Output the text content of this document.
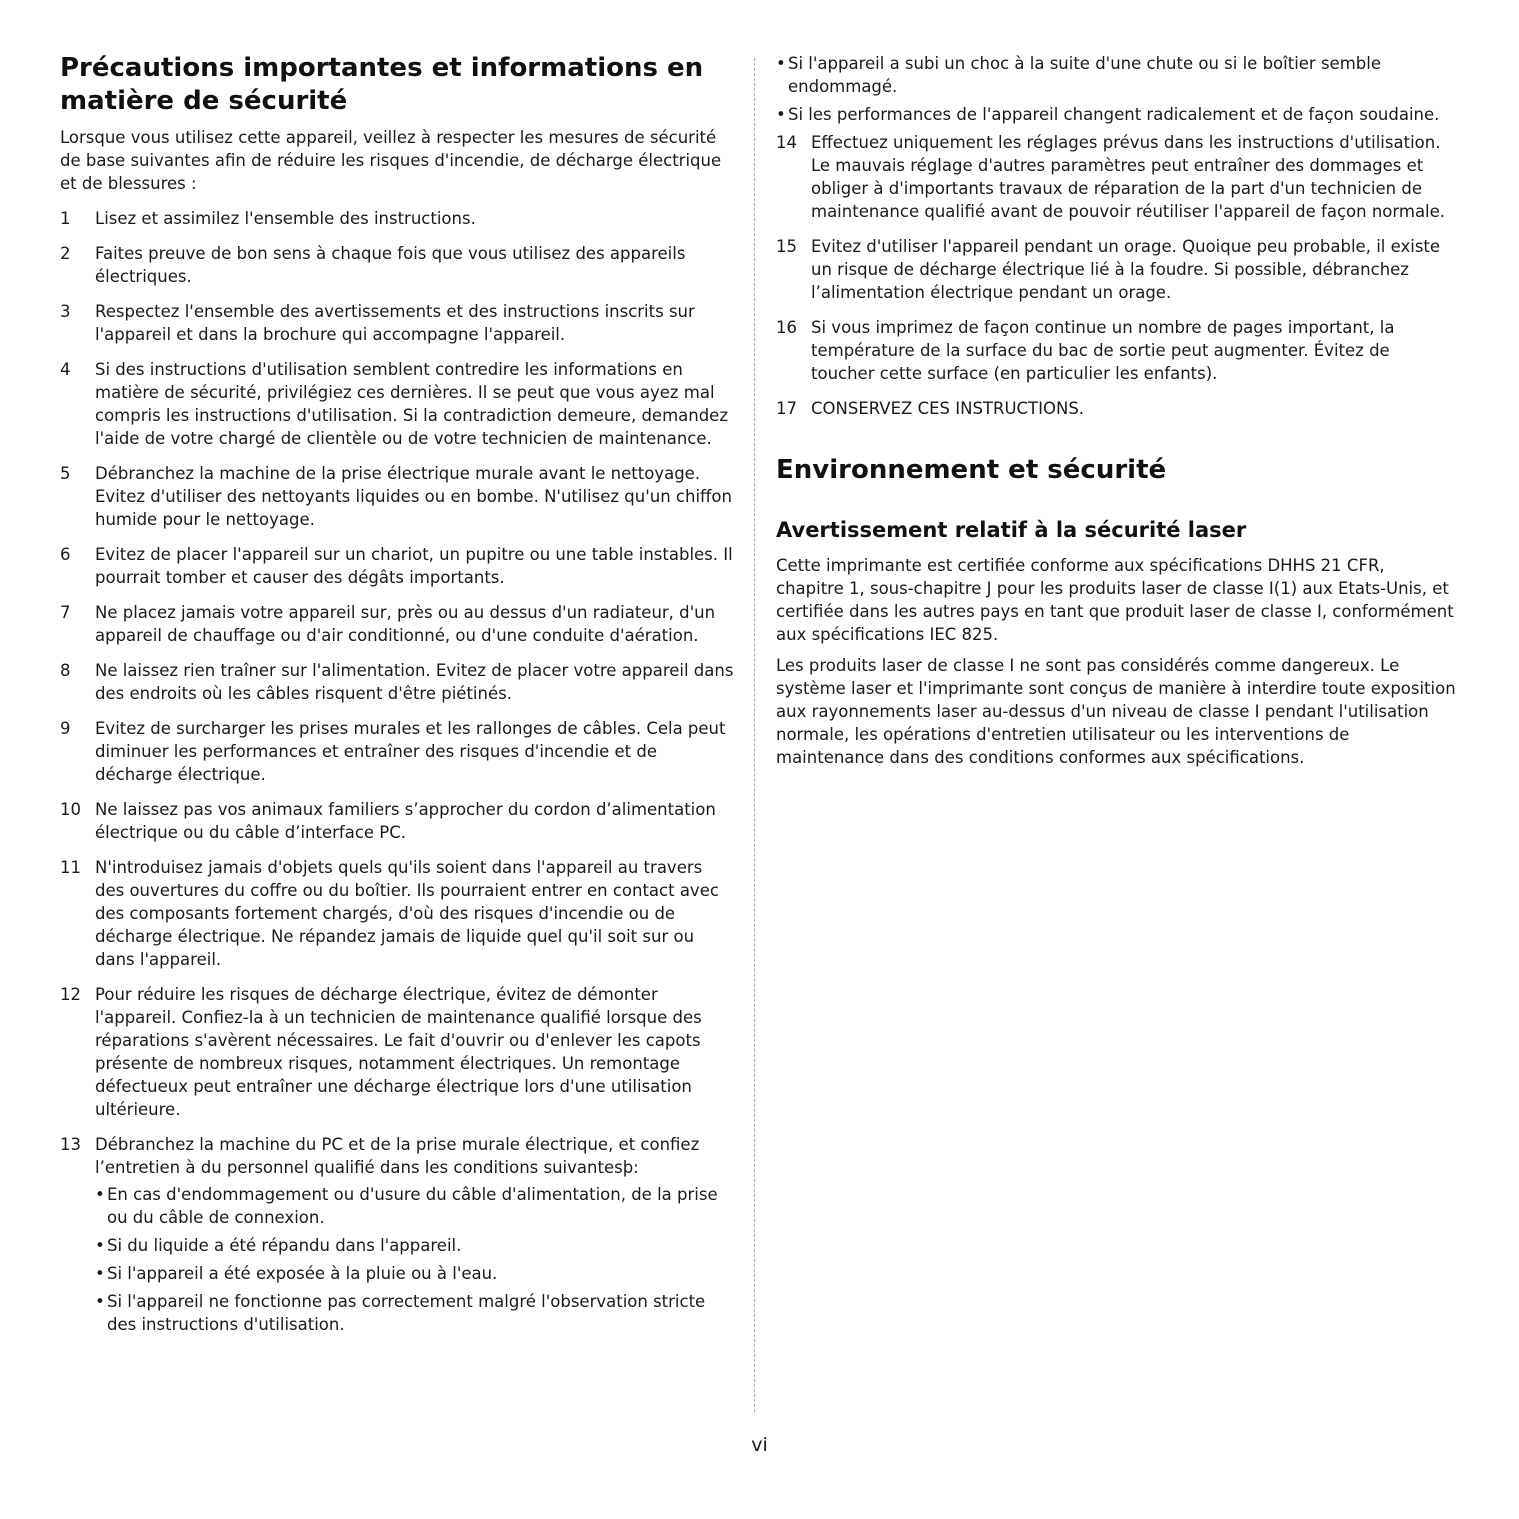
Précautions importantes et informations en matière de sécurité

Lorsque vous utilisez cette appareil, veillez à respecter les mesures de sécurité de base suivantes afin de réduire les risques d'incendie, de décharge électrique et de blessures :

1 Lisez et assimilez l'ensemble des instructions.
2 Faites preuve de bon sens à chaque fois que vous utilisez des appareils électriques.
3 Respectez l'ensemble des avertissements et des instructions inscrits sur l'appareil et dans la brochure qui accompagne l'appareil.
4 Si des instructions d'utilisation semblent contredire les informations en matière de sécurité, privilégiez ces dernières. Il se peut que vous ayez mal compris les instructions d'utilisation. Si la contradiction demeure, demandez l'aide de votre chargé de clientèle ou de votre technicien de maintenance.
5 Débranchez la machine de la prise électrique murale avant le nettoyage. Evitez d'utiliser des nettoyants liquides ou en bombe. N'utilisez qu'un chiffon humide pour le nettoyage.
6 Evitez de placer l'appareil sur un chariot, un pupitre ou une table instables. Il pourrait tomber et causer des dégâts importants.
7 Ne placez jamais votre appareil sur, près ou au dessus d'un radiateur, d'un appareil de chauffage ou d'air conditionné, ou d'une conduite d'aération.
8 Ne laissez rien traîner sur l'alimentation. Evitez de placer votre appareil dans des endroits où les câbles risquent d'être piétinés.
9 Evitez de surcharger les prises murales et les rallonges de câbles. Cela peut diminuer les performances et entraîner des risques d'incendie et de décharge électrique.
10 Ne laissez pas vos animaux familiers s’approcher du cordon d’alimentation électrique ou du câble d’interface PC.
11 N'introduisez jamais d'objets quels qu'ils soient dans l'appareil au travers des ouvertures du coffre ou du boîtier. Ils pourraient entrer en contact avec des composants fortement chargés, d'où des risques d'incendie ou de décharge électrique. Ne répandez jamais de liquide quel qu'il soit sur ou dans l'appareil.
12 Pour réduire les risques de décharge électrique, évitez de démonter l'appareil. Confiez-la à un technicien de maintenance qualifié lorsque des réparations s'avèrent nécessaires. Le fait d'ouvrir ou d'enlever les capots présente de nombreux risques, notamment électriques. Un remontage défectueux peut entraîner une décharge électrique lors d'une utilisation ultérieure.
13 Débranchez la machine du PC et de la prise murale électrique, et confiez l’entretien à du personnel qualifié dans les conditions suivantesþ:
• En cas d'endommagement ou d'usure du câble d'alimentation, de la prise ou du câble de connexion.
• Si du liquide a été répandu dans l'appareil.
• Si l'appareil a été exposée à la pluie ou à l'eau.
• Si l'appareil ne fonctionne pas correctement malgré l'observation stricte des instructions d'utilisation.
• Si l'appareil a subi un choc à la suite d'une chute ou si le boîtier semble endommagé.
• Si les performances de l'appareil changent radicalement et de façon soudaine.
14 Effectuez uniquement les réglages prévus dans les instructions d'utilisation. Le mauvais réglage d'autres paramètres peut entraîner des dommages et obliger à d'importants travaux de réparation de la part d'un technicien de maintenance qualifié avant de pouvoir réutiliser l'appareil de façon normale.
15 Evitez d'utiliser l'appareil pendant un orage. Quoique peu probable, il existe un risque de décharge électrique lié à la foudre. Si possible, débranchez l’alimentation électrique pendant un orage.
16 Si vous imprimez de façon continue un nombre de pages important, la température de la surface du bac de sortie peut augmenter. Évitez de toucher cette surface (en particulier les enfants).
17 CONSERVEZ CES INSTRUCTIONS.
Environnement et sécurité
Avertissement relatif à la sécurité laser

Cette imprimante est certifiée conforme aux spécifications DHHS 21 CFR, chapitre 1, sous-chapitre J pour les produits laser de classe I(1) aux Etats-Unis, et certifiée dans les autres pays en tant que produit laser de classe I, conformément aux spécifications IEC 825.

Les produits laser de classe I ne sont pas considérés comme dangereux. Le système laser et l'imprimante sont conçus de manière à interdire toute exposition aux rayonnements laser au-dessus d'un niveau de classe I pendant l'utilisation normale, les opérations d'entretien utilisateur ou les interventions de maintenance dans des conditions conformes aux spécifications.

vi
